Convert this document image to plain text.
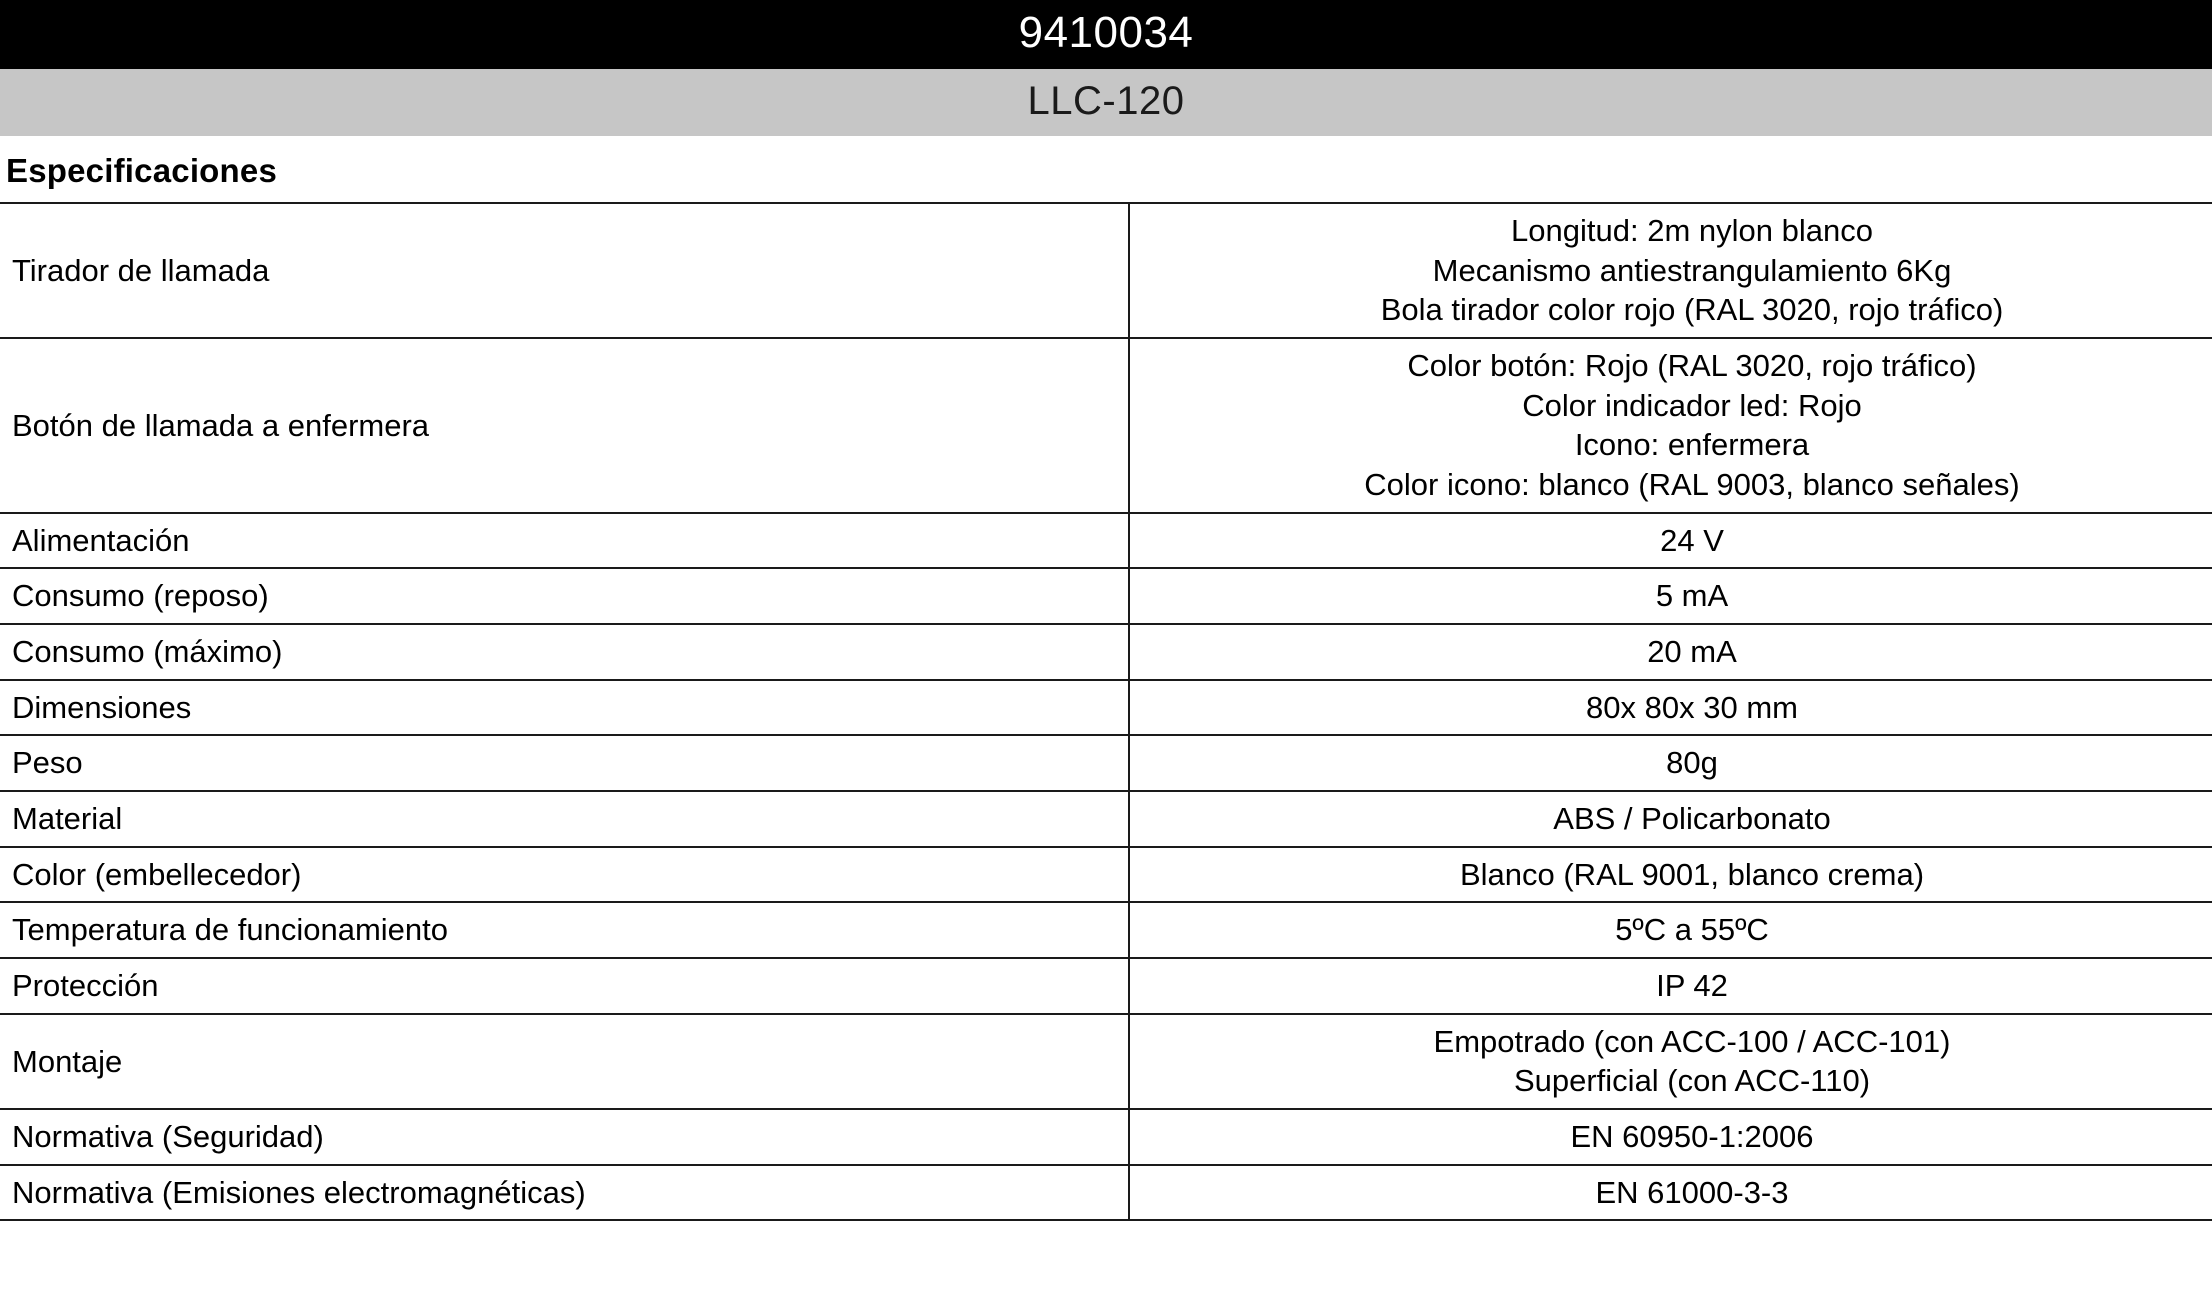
9410034
LLC-120
Especificaciones
Tirador de llamada	Longitud: 2m nylon blanco
Mecanismo antiestrangulamiento 6Kg
Bola tirador color rojo (RAL 3020, rojo tráfico)

Botón de llamada a enfermera	Color botón: Rojo (RAL 3020, rojo tráfico)
Color indicador led: Rojo
Icono: enfermera
Color icono: blanco (RAL 9003, blanco señales)

Alimentación	24 V

Consumo (reposo)	5 mA

Consumo (máximo)	20 mA

Dimensiones	80x 80x 30 mm

Peso	80g

Material	ABS / Policarbonato

Color (embellecedor)	Blanco (RAL 9001, blanco crema)

Temperatura de funcionamiento	5ºC a 55ºC

Protección	IP 42

Montaje	Empotrado (con ACC-100 / ACC-101)
Superficial (con ACC-110)

Normativa (Seguridad)	EN 60950-1:2006

Normativa (Emisiones electromagnéticas)	EN 61000-3-3
